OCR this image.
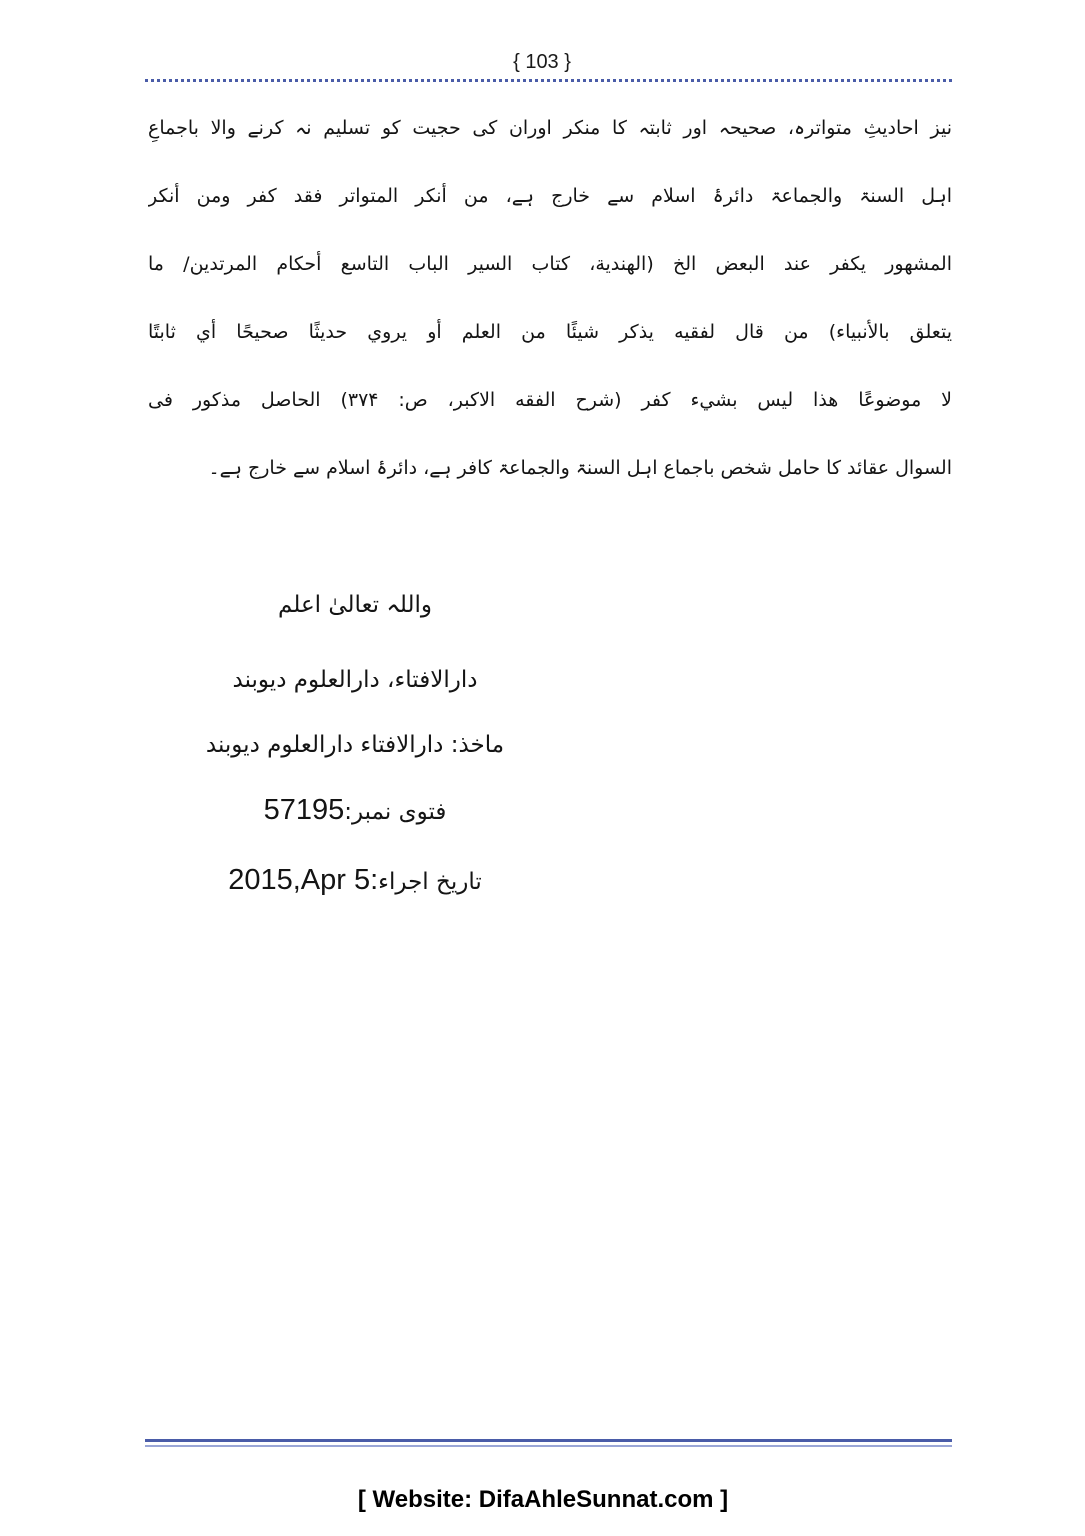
{ 103 }
نیز احادیثِ متواترہ، صحیحہ اور ثابتہ کا منکر اوران کی حجیت کو تسلیم نہ کرنے والا باجماعِ
اہل السنۃ والجماعۃ دائرۂ اسلام سے خارج ہے، من أنكر المتواتر فقد كفر ومن أنكر
المشهور يكفر عند البعض الخ (الهندية، كتاب السير الباب التاسع أحكام المرتدين/ ما
يتعلق بالأنبياء) من قال لفقيه يذكر شيئًا من العلم أو يروي حديثًا صحيحًا أي ثابتًا
لا موضوعًا هذا ليس بشيء كفر (شرح الفقه الاكبر، ص: ۳۷۴) الحاصل مذکور فی
السوال عقائد کا حامل شخص باجماع اہل السنۃ والجماعۃ کافر ہے، دائرۂ اسلام سے خارج ہے۔
واللہ تعالیٰ اعلم
دارالافتاء، دارالعلوم دیوبند
ماخذ: دارالافتاء دارالعلوم دیوبند
فتوی نمبر:57195
تاریخ اجراء2015,Apr 5:
[ Website: DifaAhleSunnat.com ]
